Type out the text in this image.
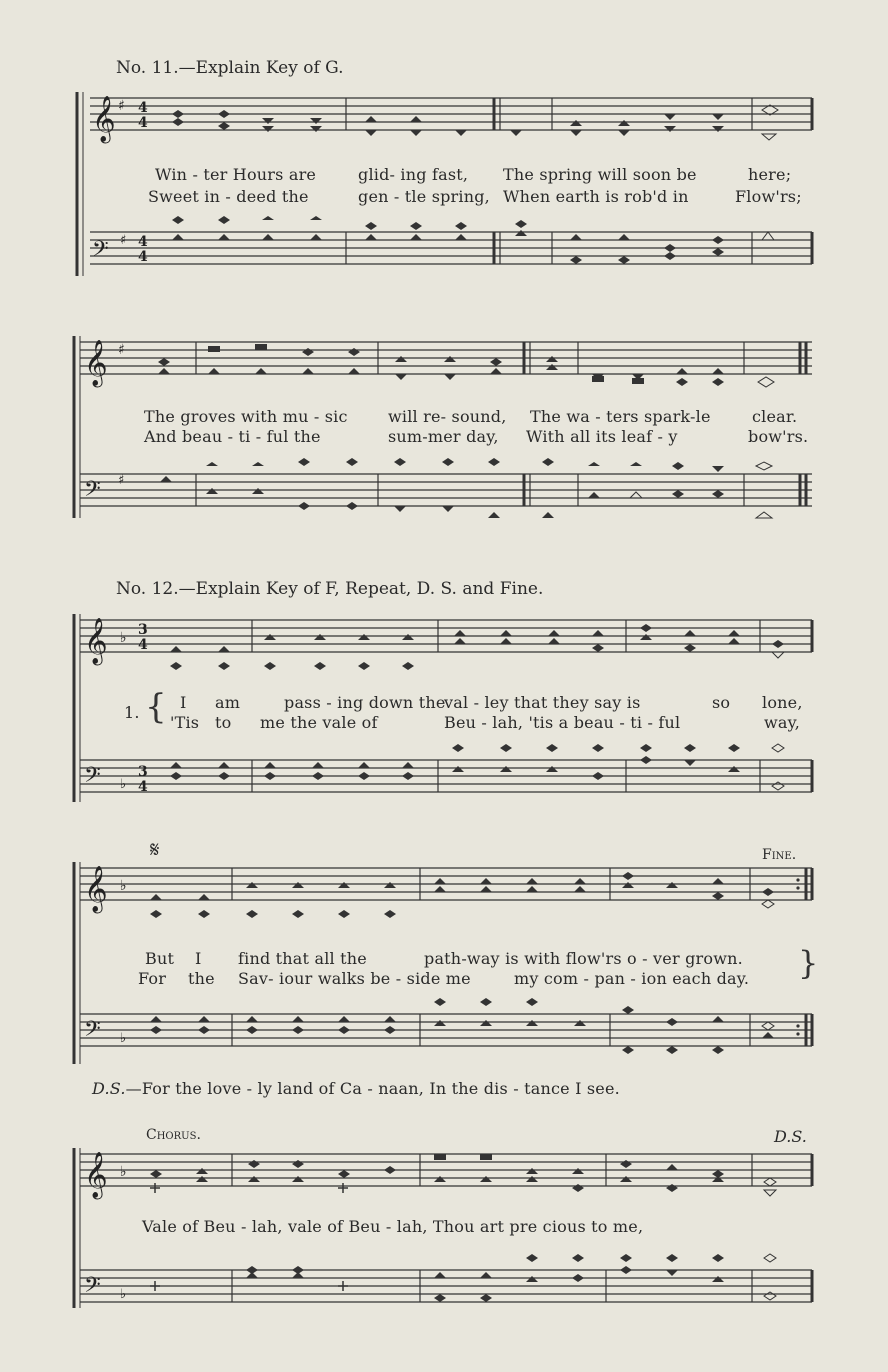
No. 11.—Explain Key of G.
𝄞 ♯ 4
4
Win - ter Hours are	glid- ing fast, The spring will soon be	here;
Sweet in - deed the	gen - tle spring, When earth is rob'd in	Flow'rs;
𝄢 ♯ 4
4
𝄞 ♯
The groves with mu - sic	will re- sound, The wa - ters spark-le	clear.
And beau - ti - ful the	sum-mer day, With all its leaf - y	bow'rs.
𝄢 ♯
No. 12.—Explain Key of F, Repeat, D. S. and Fine.
𝄞 ♭ 3
4
1. { I am	pass - ing down the
val - ley that they say is	so lone,
'Tis to me the vale of	Beu - lah, 'tis a beau - ti - ful	way,
𝄢 ♭
3
4
𝄋	Fine.
𝄞 ♭
But I find that all the	path-way is with flow'rs o - ver grown.
For the Sav- iour walks be - side me	my com - pan - ion each day. }
𝄢 ♭
D.S.—For the love - ly land of Ca - naan, In the dis - tance I see.
Chorus.	D.S.
𝄞 ♭
Vale of Beu - lah, vale of Beu - lah, Thou art pre cious to me,
𝄢 ♭
